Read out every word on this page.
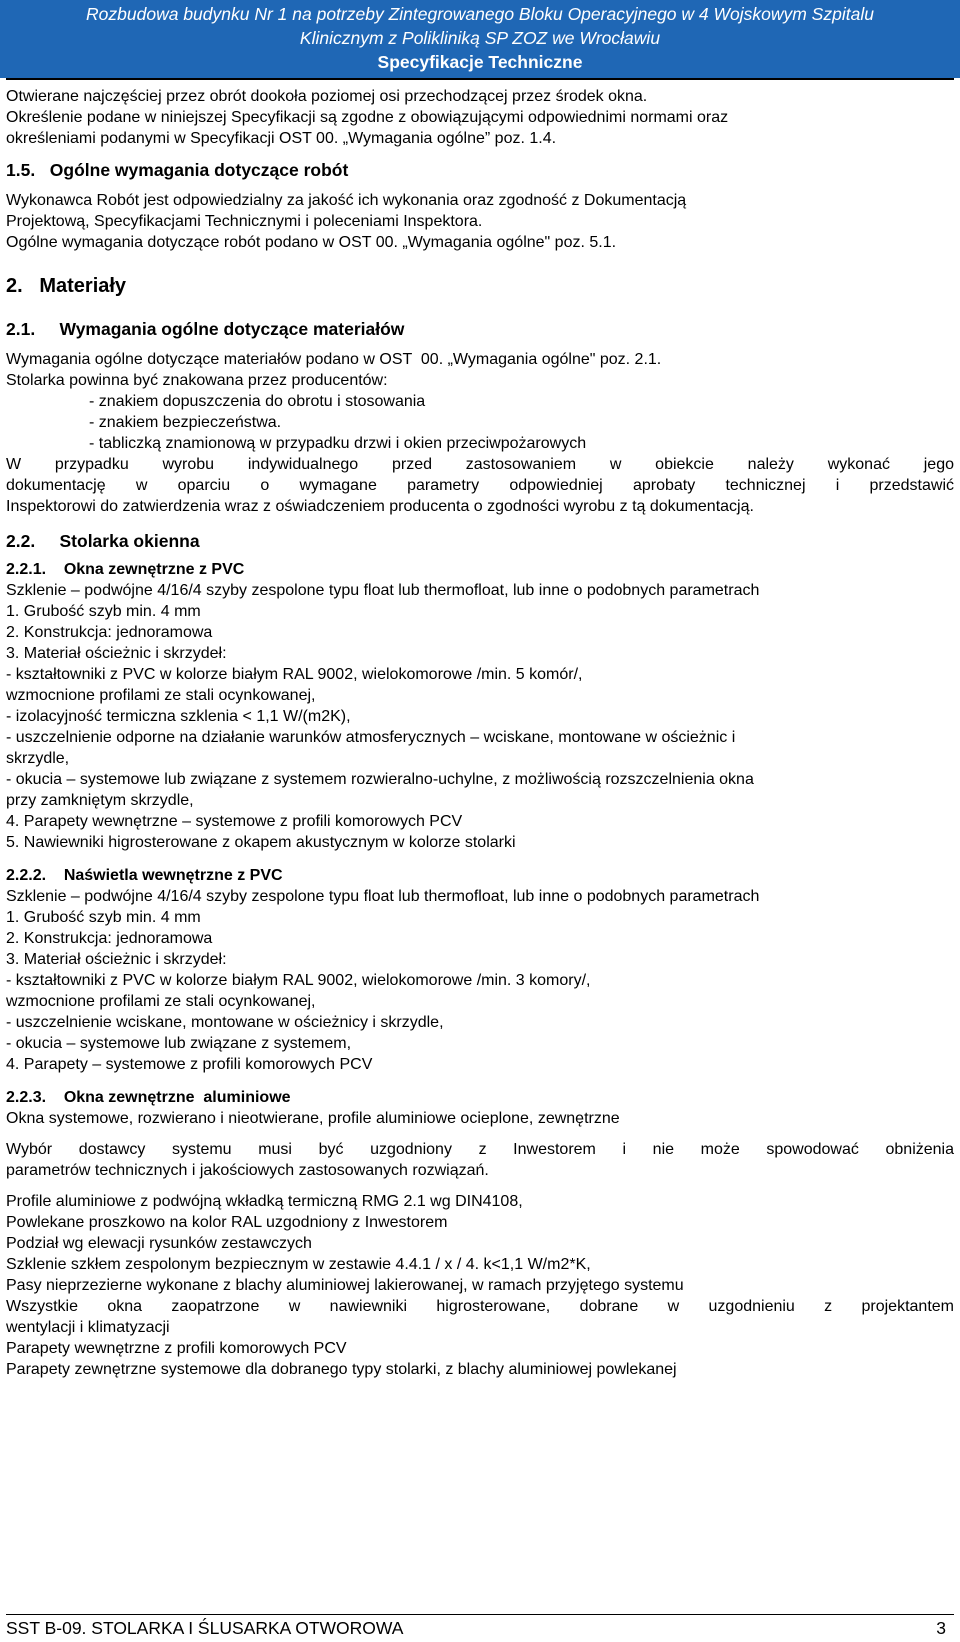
Rozbudowa budynku Nr 1 na potrzeby Zintegrowanego Bloku Operacyjnego w 4 Wojskowym Szpitalu
Klinicznym z Polikliniką SP ZOZ we Wrocławiu
Specyfikacje Techniczne
Otwierane najczęściej przez obrót dookoła poziomej osi przechodzącej przez środek okna.
Określenie podane w niniejszej Specyfikacji są zgodne z obowiązującymi odpowiednimi normami oraz
określeniami podanymi w Specyfikacji OST 00. „Wymagania ogólne” poz. 1.4.
1.5.   Ogólne wymagania dotyczące robót
Wykonawca Robót jest odpowiedzialny za jakość ich wykonania oraz zgodność z Dokumentacją
Projektową, Specyfikacjami Technicznymi i poleceniami Inspektora.
Ogólne wymagania dotyczące robót podano w OST 00. „Wymagania ogólne" poz. 5.1.
2.   Materiały
2.1.     Wymagania ogólne dotyczące materiałów
Wymagania ogólne dotyczące materiałów podano w OST  00. „Wymagania ogólne" poz. 2.1.
Stolarka powinna być znakowana przez producentów:
- znakiem dopuszczenia do obrotu i stosowania
- znakiem bezpieczeństwa.
- tabliczką znamionową w przypadku drzwi i okien przeciwpożarowych
W przypadku wyrobu indywidualnego przed zastosowaniem w obiekcie należy wykonać jego
dokumentację w oparciu o wymagane parametry odpowiedniej aprobaty technicznej i przedstawić
Inspektorowi do zatwierdzenia wraz z oświadczeniem producenta o zgodności wyrobu z tą dokumentacją.
2.2.     Stolarka okienna
2.2.1.    Okna zewnętrzne z PVC
Szklenie – podwójne 4/16/4 szyby zespolone typu float lub thermofloat, lub inne o podobnych parametrach
1. Grubość szyb min. 4 mm
2. Konstrukcja: jednoramowa
3. Materiał ościeżnic i skrzydeł:
- kształtowniki z PVC w kolorze białym RAL 9002, wielokomorowe /min. 5 komór/,
wzmocnione profilami ze stali ocynkowanej,
- izolacyjność termiczna szklenia < 1,1 W/(m2K),
- uszczelnienie odporne na działanie warunków atmosferycznych – wciskane, montowane w ościeżnic i
skrzydle,
- okucia – systemowe lub związane z systemem rozwieralno-uchylne, z możliwością rozszczelnienia okna
przy zamkniętym skrzydle,
4. Parapety wewnętrzne – systemowe z profili komorowych PCV
5. Nawiewniki higrosterowane z okapem akustycznym w kolorze stolarki
2.2.2.    Naświetla wewnętrzne z PVC
Szklenie – podwójne 4/16/4 szyby zespolone typu float lub thermofloat, lub inne o podobnych parametrach
1. Grubość szyb min. 4 mm
2. Konstrukcja: jednoramowa
3. Materiał ościeżnic i skrzydeł:
- kształtowniki z PVC w kolorze białym RAL 9002, wielokomorowe /min. 3 komory/,
wzmocnione profilami ze stali ocynkowanej,
- uszczelnienie wciskane, montowane w ościeżnicy i skrzydle,
- okucia – systemowe lub związane z systemem,
4. Parapety – systemowe z profili komorowych PCV
2.2.3.    Okna zewnętrzne  aluminiowe
Okna systemowe, rozwierano i nieotwierane, profile aluminiowe ocieplone, zewnętrzne
Wybór dostawcy systemu musi być uzgodniony z Inwestorem i nie może spowodować obniżenia
parametrów technicznych i jakościowych zastosowanych rozwiązań.
Profile aluminiowe z podwójną wkładką termiczną RMG 2.1 wg DIN4108,
Powlekane proszkowo na kolor RAL uzgodniony z Inwestorem
Podział wg elewacji rysunków zestawczych
Szklenie szkłem zespolonym bezpiecznym w zestawie 4.4.1 / x / 4. k<1,1 W/m2*K,
Pasy nieprzezierne wykonane z blachy aluminiowej lakierowanej, w ramach przyjętego systemu
Wszystkie okna zaopatrzone w nawiewniki higrosterowane, dobrane w uzgodnieniu z projektantem
wentylacji i klimatyzacji
Parapety wewnętrzne z profili komorowych PCV
Parapety zewnętrzne systemowe dla dobranego typy stolarki, z blachy aluminiowej powlekanej
SST B-09. STOLARKA I ŚLUSARKA OTWOROWA	3
